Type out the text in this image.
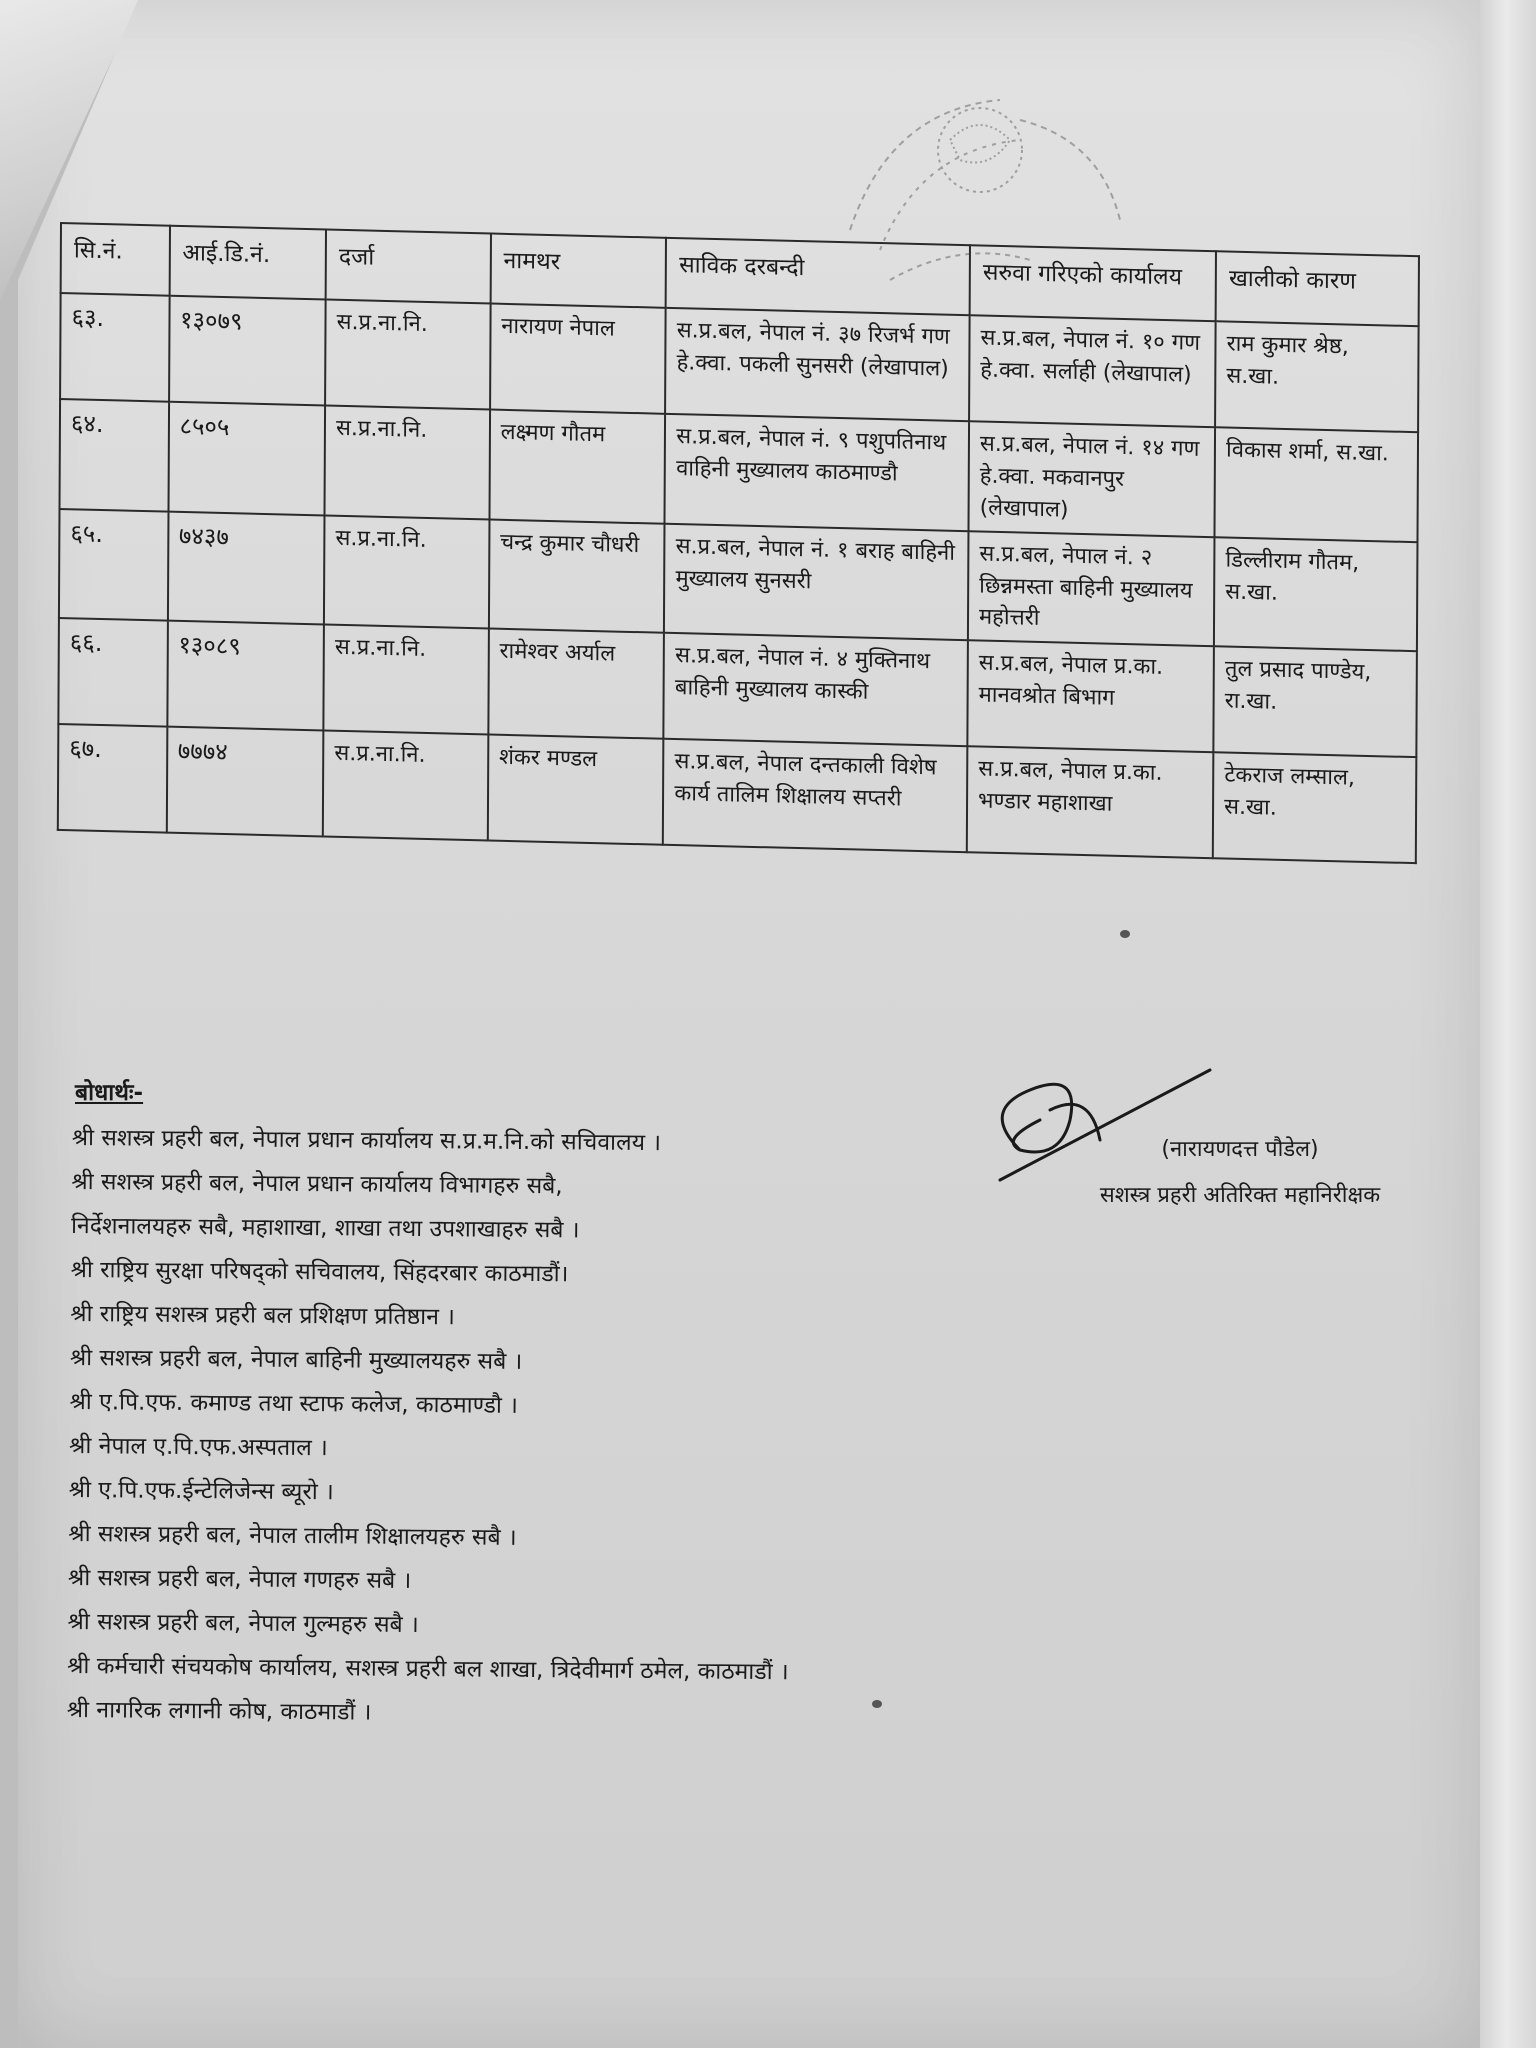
सि.नं.	आई.डि.नं.	दर्जा	नामथर	साविक दरबन्दी	सरुवा गरिएको कार्यालय	खालीको कारण
६३.	१३०७९	स.प्र.ना.नि.	नारायण नेपाल	स.प्र.बल, नेपाल नं. ३७ रिजर्भ गण हे.क्वा. पकली सुनसरी (लेखापाल)	स.प्र.बल, नेपाल नं. १० गण हे.क्वा. सर्लाही (लेखापाल)	राम कुमार श्रेष्ठ, स.खा.
६४.	८५०५	स.प्र.ना.नि.	लक्ष्मण गौतम	स.प्र.बल, नेपाल नं. ९ पशुपतिनाथ वाहिनी मुख्यालय काठमाण्डौ	स.प्र.बल, नेपाल नं. १४ गण हे.क्वा. मकवानपुर (लेखापाल)	विकास शर्मा, स.खा.
६५.	७४३७	स.प्र.ना.नि.	चन्द्र कुमार चौधरी	स.प्र.बल, नेपाल नं. १ बराह बाहिनी मुख्यालय सुनसरी	स.प्र.बल, नेपाल नं. २ छिन्नमस्ता बाहिनी मुख्यालय महोत्तरी	डिल्लीराम गौतम, स.खा.
६६.	१३०८९	स.प्र.ना.नि.	रामेश्वर अर्याल	स.प्र.बल, नेपाल नं. ४ मुक्तिनाथ बाहिनी मुख्यालय कास्की	स.प्र.बल, नेपाल प्र.का. मानवश्रोत बिभाग	तुल प्रसाद पाण्डेय, रा.खा.
६७.	७७७४	स.प्र.ना.नि.	शंकर मण्डल	स.प्र.बल, नेपाल दन्तकाली विशेष कार्य तालिम शिक्षालय सप्तरी	स.प्र.बल, नेपाल प्र.का. भण्डार महाशाखा	टेकराज लम्साल, स.खा.
बोधार्थः-
श्री सशस्त्र प्रहरी बल, नेपाल प्रधान कार्यालय स.प्र.म.नि.को सचिवालय ।
श्री सशस्त्र प्रहरी बल, नेपाल प्रधान कार्यालय विभागहरु सबै,
निर्देशनालयहरु सबै, महाशाखा, शाखा तथा उपशाखाहरु सबै ।
श्री राष्ट्रिय सुरक्षा परिषद्को सचिवालय, सिंहदरबार काठमाडौं।
श्री राष्ट्रिय सशस्त्र प्रहरी बल प्रशिक्षण प्रतिष्ठान ।
श्री सशस्त्र प्रहरी बल, नेपाल बाहिनी मुख्यालयहरु सबै ।
श्री ए.पि.एफ. कमाण्ड तथा स्टाफ कलेज, काठमाण्डौ ।
श्री नेपाल ए.पि.एफ.अस्पताल ।
श्री ए.पि.एफ.ईन्टेलिजेन्स ब्यूरो ।
श्री सशस्त्र प्रहरी बल, नेपाल तालीम शिक्षालयहरु सबै ।
श्री सशस्त्र प्रहरी बल, नेपाल गणहरु सबै ।
श्री सशस्त्र प्रहरी बल, नेपाल गुल्महरु सबै ।
श्री कर्मचारी संचयकोष कार्यालय, सशस्त्र प्रहरी बल शाखा, त्रिदेवीमार्ग ठमेल, काठमाडौं ।
श्री नागरिक लगानी कोष, काठमाडौं ।
(नारायणदत्त पौडेल)
सशस्त्र प्रहरी अतिरिक्त महानिरीक्षक
